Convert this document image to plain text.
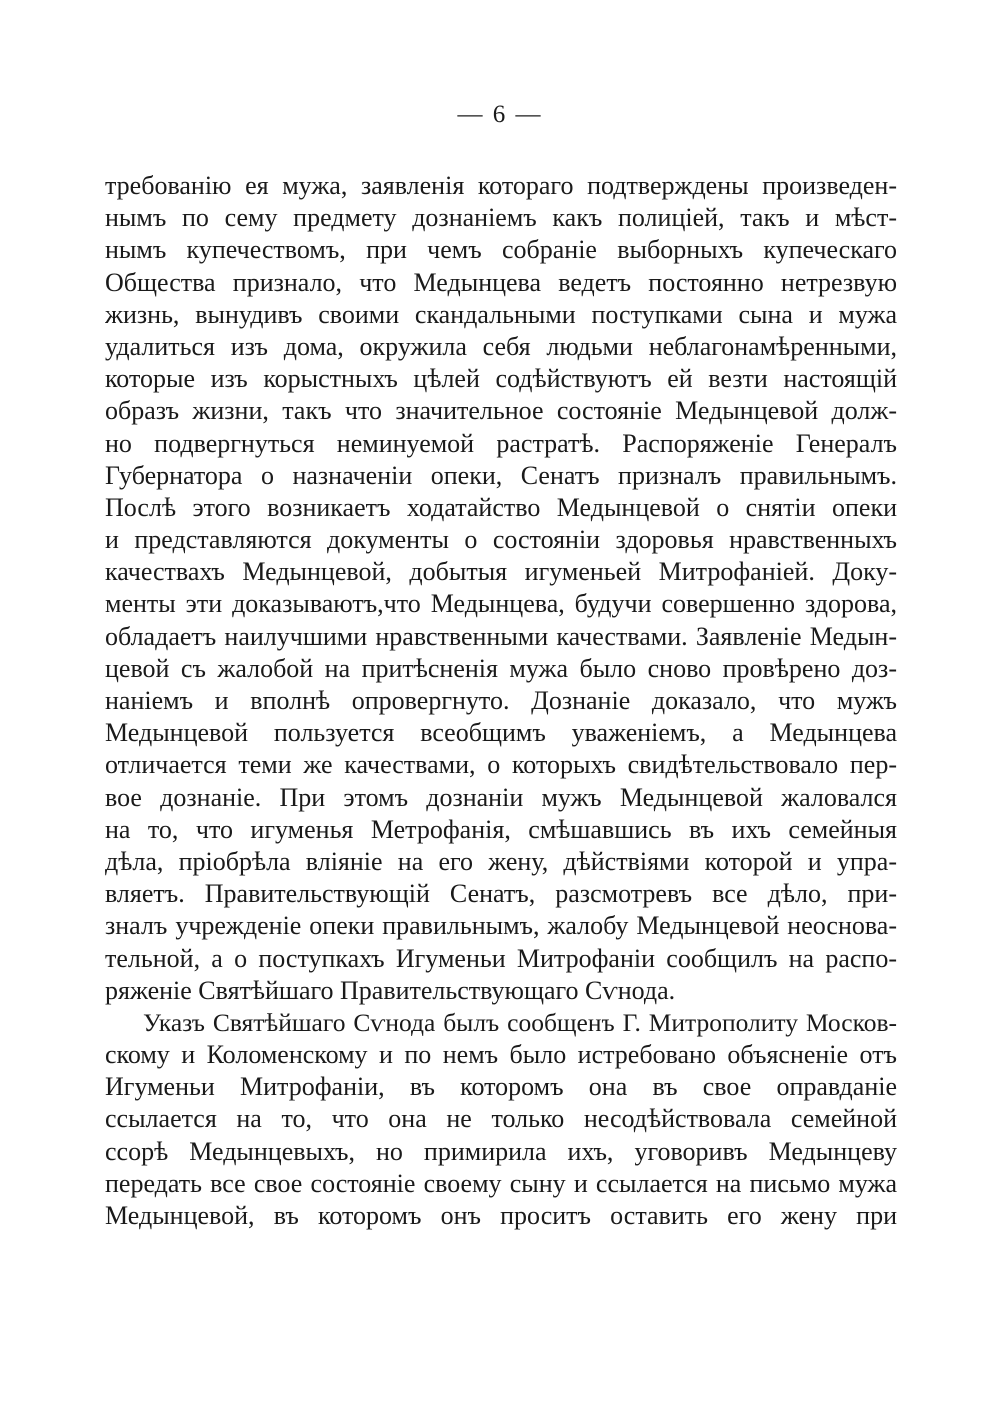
— 6 —
требованію ея мужа, заявленія котораго подтверждены произведен-
нымъ по сему предмету дознаніемъ какъ полиціей, такъ и мѣст-
нымъ купечествомъ, при чемъ собраніе выборныхъ купеческаго
Общества признало, что Медынцева ведетъ постоянно нетрезвую
жизнь, вынудивъ своими скандальными поступками сына и мужа
удалиться изъ дома, окружила себя людьми неблагонамѣренными,
которые изъ корыстныхъ цѣлей содѣйствуютъ ей везти настоящій
образъ жизни, такъ что значительное состояніе Медынцевой долж-
но подвергнуться неминуемой растратѣ. Распоряженіе Генералъ
Губернатора о назначеніи опеки, Сенатъ призналъ правильнымъ.
Послѣ этого возникаетъ ходатайство Медынцевой о снятіи опеки
и представляются документы о состояніи здоровья нравственныхъ
качествахъ Медынцевой, добытыя игуменьей Митрофаніей. Доку-
менты эти доказываютъ,что Медынцева, будучи совершенно здорова,
обладаетъ наилучшими нравственными качествами. Заявленіе Медын-
цевой съ жалобой на притѣсненія мужа было сново провѣрено доз-
наніемъ и вполнѣ опровергнуто. Дознаніе доказало, что мужъ
Медынцевой пользуется всеобщимъ уваженіемъ, а Медынцева
отличается теми же качествами, о которыхъ свидѣтельствовало пер-
вое дознаніе. При этомъ дознаніи мужъ Медынцевой жаловался
на то, что игуменья Метрофанія, смѣшавшись въ ихъ семейныя
дѣла, пріобрѣла вліяніе на его жену, дѣйствіями которой и упра-
вляетъ. Правительствующій Сенатъ, разсмотревъ все дѣло, при-
зналъ учрежденіе опеки правильнымъ, жалобу Медынцевой неоснова-
тельной, а о поступкахъ Игуменьи Митрофаніи сообщилъ на распо-
ряженіе Святѣйшаго Правительствующаго Сѵнода.
Указъ Святѣйшаго Сѵнода былъ сообщенъ Г. Митрополиту Москов-
скому и Коломенскому и по немъ было истребовано объясненіе отъ
Игуменьи Митрофаніи, въ которомъ она въ свое оправданіе
ссылается на то, что она не только несодѣйствовала семейной
ссорѣ Медынцевыхъ, но примирила ихъ, уговоривъ Медынцеву
передать все свое состояніе своему сыну и ссылается на письмо мужа
Медынцевой, въ которомъ онъ проситъ оставить его жену при
